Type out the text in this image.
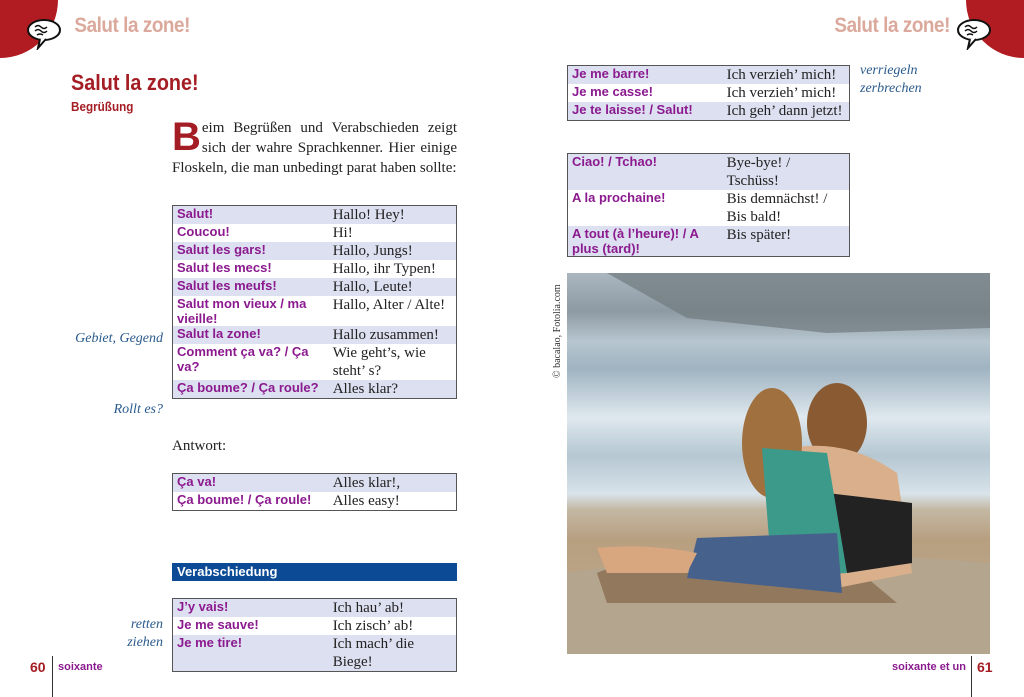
Salut la zone!	Salut la zone!
Salut la zone!
Begrüßung
Beim Begrüßen und Verabschieden zeigt sich der wahre Sprachkenner. Hier einige Floskeln, die man unbedingt parat haben sollte:
Salut!	Hallo! Hey!
Coucou!	Hi!
Salut les gars!	Hallo, Jungs!
Salut les mecs!	Hallo, ihr Typen!
Salut les meufs!	Hallo, Leute!
Salut mon vieux / ma vieille!	Hallo, Alter / Alte!
Salut la zone!	Hallo zusammen!
Comment ça va? / Ça va?	Wie geht’s, wie steht’ s?
Ça boume? / Ça roule?	Alles klar?
Gebiet, Gegend
Rollt es?
Antwort:
Ça va!	Alles klar!,
Ça boume! / Ça roule!	Alles easy!
Verabschiedung
J’y vais!	Ich hau’ ab!
Je me sauve!	Ich zisch’ ab!
Je me tire!	Ich mach’ die Biege!
retten
ziehen
Je me barre!	Ich verzieh’ mich!
Je me casse!	Ich verzieh’ mich!
Je te laisse! / Salut!	Ich geh’ dann jetzt!
verriegeln
zerbrechen
Ciao! / Tchao!	Bye-bye! / Tschüss!
A la prochaine!	Bis demnächst! / Bis bald!
A tout (à l’heure)! / A plus (tard)!	Bis später!
© bacalao, Fotolia.com
60 soixante	soixante et un 61
